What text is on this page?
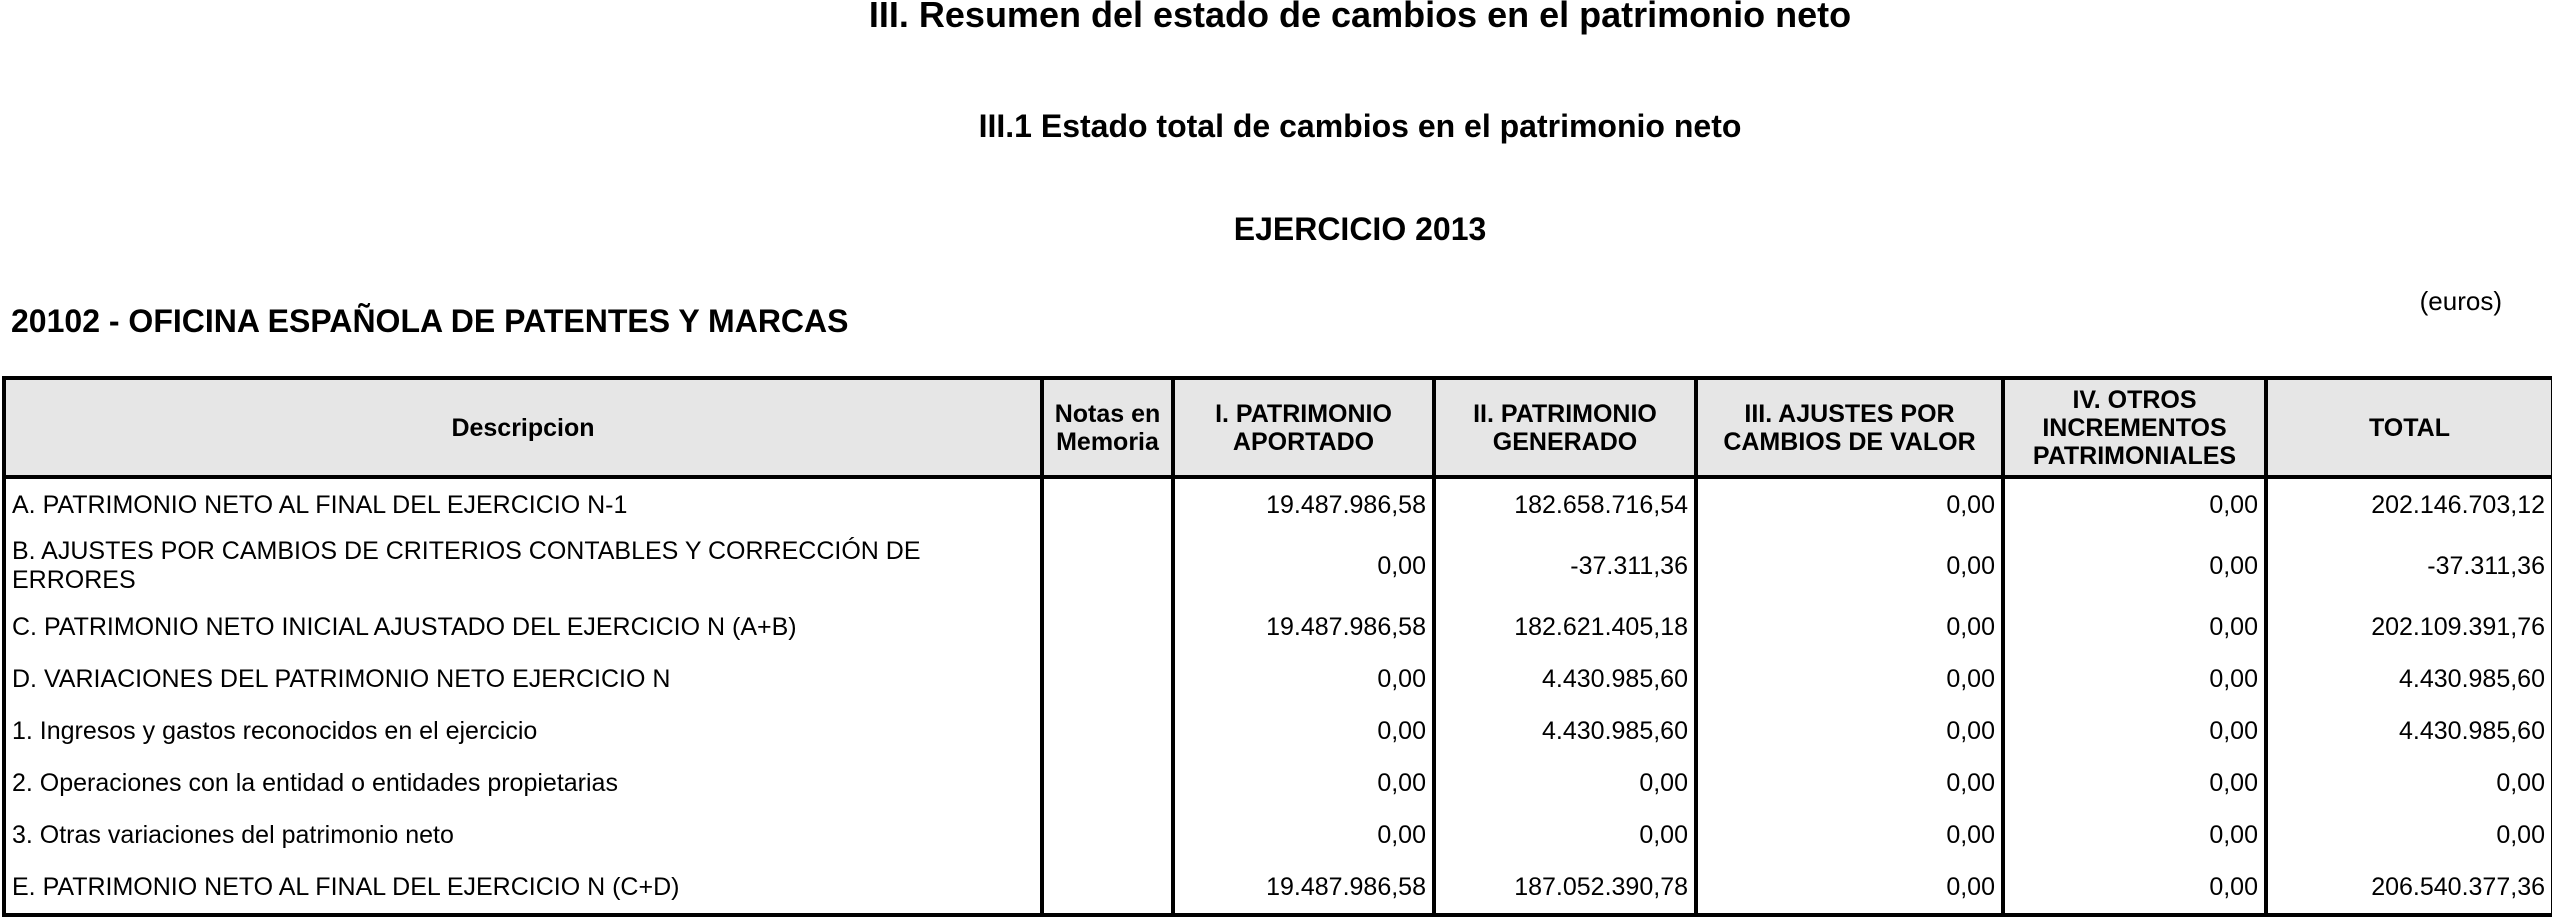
III. Resumen del estado de cambios en el patrimonio neto
III.1 Estado total de cambios en el patrimonio neto
EJERCICIO 2013
(euros)
20102 - OFICINA ESPAÑOLA DE PATENTES Y MARCAS
Descripcion	Notas en Memoria	I. PATRIMONIO APORTADO	II. PATRIMONIO GENERADO	III. AJUSTES POR CAMBIOS DE VALOR	IV. OTROS INCREMENTOS PATRIMONIALES	TOTAL
A. PATRIMONIO NETO AL FINAL DEL EJERCICIO N-1		19.487.986,58	182.658.716,54	0,00	0,00	202.146.703,12
B. AJUSTES POR CAMBIOS DE CRITERIOS CONTABLES Y CORRECCIÓN DE ERRORES		0,00	-37.311,36	0,00	0,00	-37.311,36
C. PATRIMONIO NETO INICIAL AJUSTADO DEL EJERCICIO N (A+B)		19.487.986,58	182.621.405,18	0,00	0,00	202.109.391,76
D. VARIACIONES DEL PATRIMONIO NETO EJERCICIO N		0,00	4.430.985,60	0,00	0,00	4.430.985,60
1. Ingresos y gastos reconocidos en el ejercicio		0,00	4.430.985,60	0,00	0,00	4.430.985,60
2. Operaciones con la entidad o entidades propietarias		0,00	0,00	0,00	0,00	0,00
3. Otras variaciones del patrimonio neto		0,00	0,00	0,00	0,00	0,00
E. PATRIMONIO NETO AL FINAL DEL EJERCICIO N (C+D)		19.487.986,58	187.052.390,78	0,00	0,00	206.540.377,36
